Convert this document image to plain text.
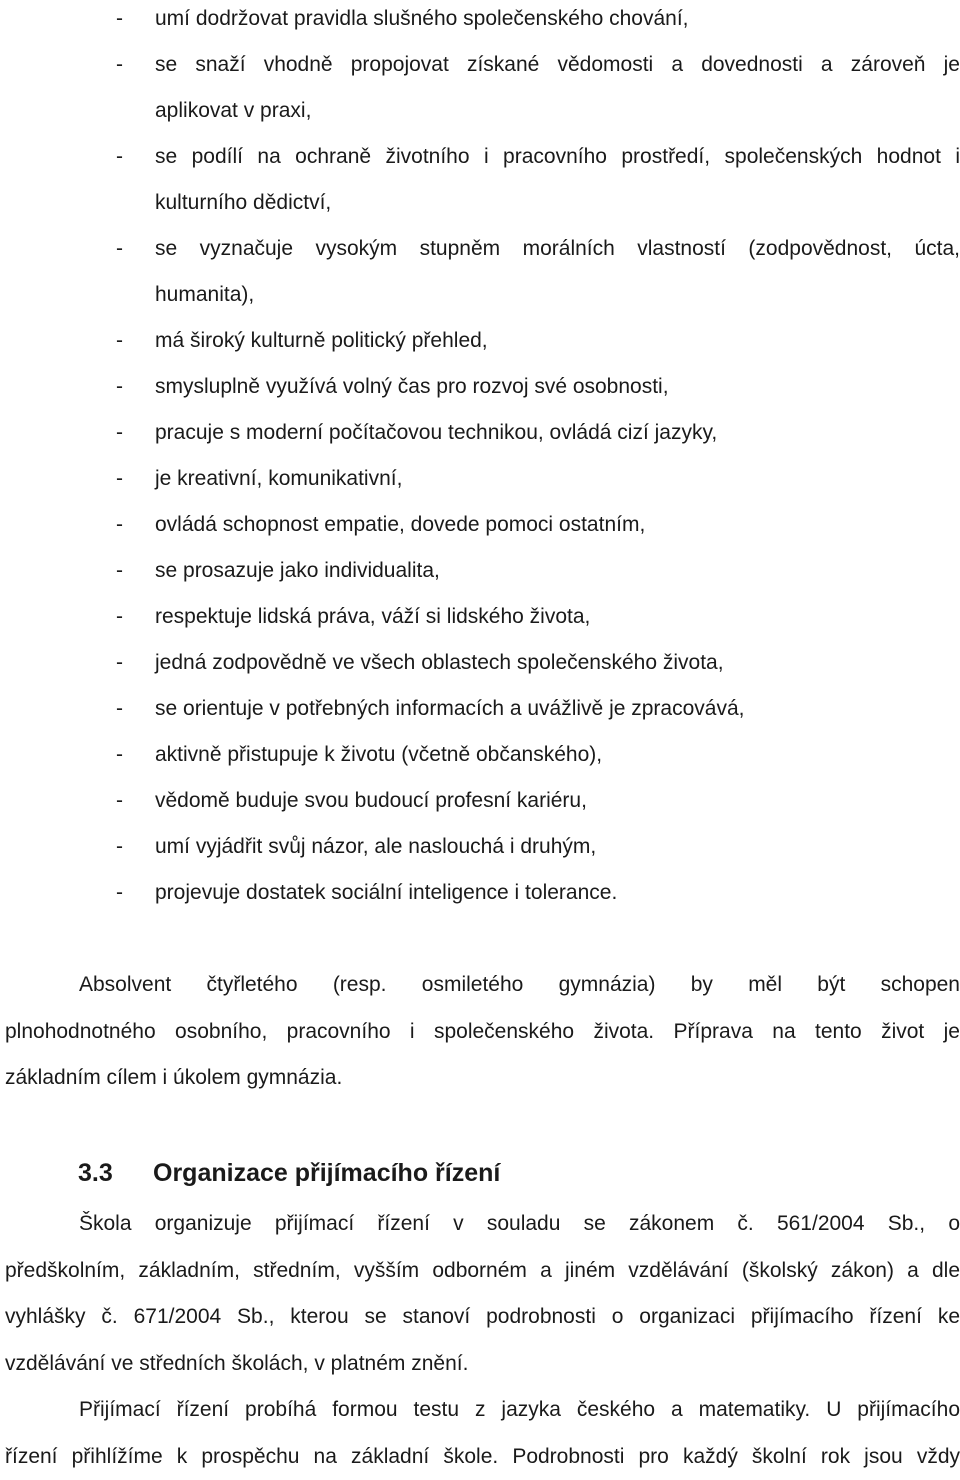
- umí dodržovat pravidla slušného společenského chování,
- se snaží vhodně propojovat získané vědomosti a dovednosti a zároveň je
aplikovat v praxi,
- se podílí na ochraně životního i pracovního prostředí, společenských hodnot i
kulturního dědictví,
- se vyznačuje vysokým stupněm morálních vlastností (zodpovědnost, úcta,
humanita),
- má široký kulturně politický přehled,
- smysluplně využívá volný čas pro rozvoj své osobnosti,
- pracuje s moderní počítačovou technikou, ovládá cizí jazyky,
- je kreativní, komunikativní,
- ovládá schopnost empatie, dovede pomoci ostatním,
- se prosazuje jako individualita,
- respektuje lidská práva, váží si lidského života,
- jedná zodpovědně ve všech oblastech společenského života,
- se orientuje v potřebných informacích a uvážlivě je zpracovává,
- aktivně přistupuje k životu (včetně občanského),
- vědomě buduje svou budoucí profesní kariéru,
- umí vyjádřit svůj názor, ale naslouchá i druhým,
- projevuje dostatek sociální inteligence i tolerance.

Absolvent čtyřletého (resp. osmiletého gymnázia) by měl být schopen
plnohodnotného osobního, pracovního i společenského života. Příprava na tento život je
základním cílem i úkolem gymnázia.

3.3 Organizace přijímacího řízení

Škola organizuje přijímací řízení v souladu se zákonem č. 561/2004 Sb., o
předškolním, základním, středním, vyšším odborném a jiném vzdělávání (školský zákon) a dle
vyhlášky č. 671/2004 Sb., kterou se stanoví podrobnosti o organizaci přijímacího řízení ke
vzdělávání ve středních školách, v platném znění.

Přijímací řízení probíhá formou testu z jazyka českého a matematiky. U přijímacího
řízení přihlížíme k prospěchu na základní škole. Podrobnosti pro každý školní rok jsou vždy
